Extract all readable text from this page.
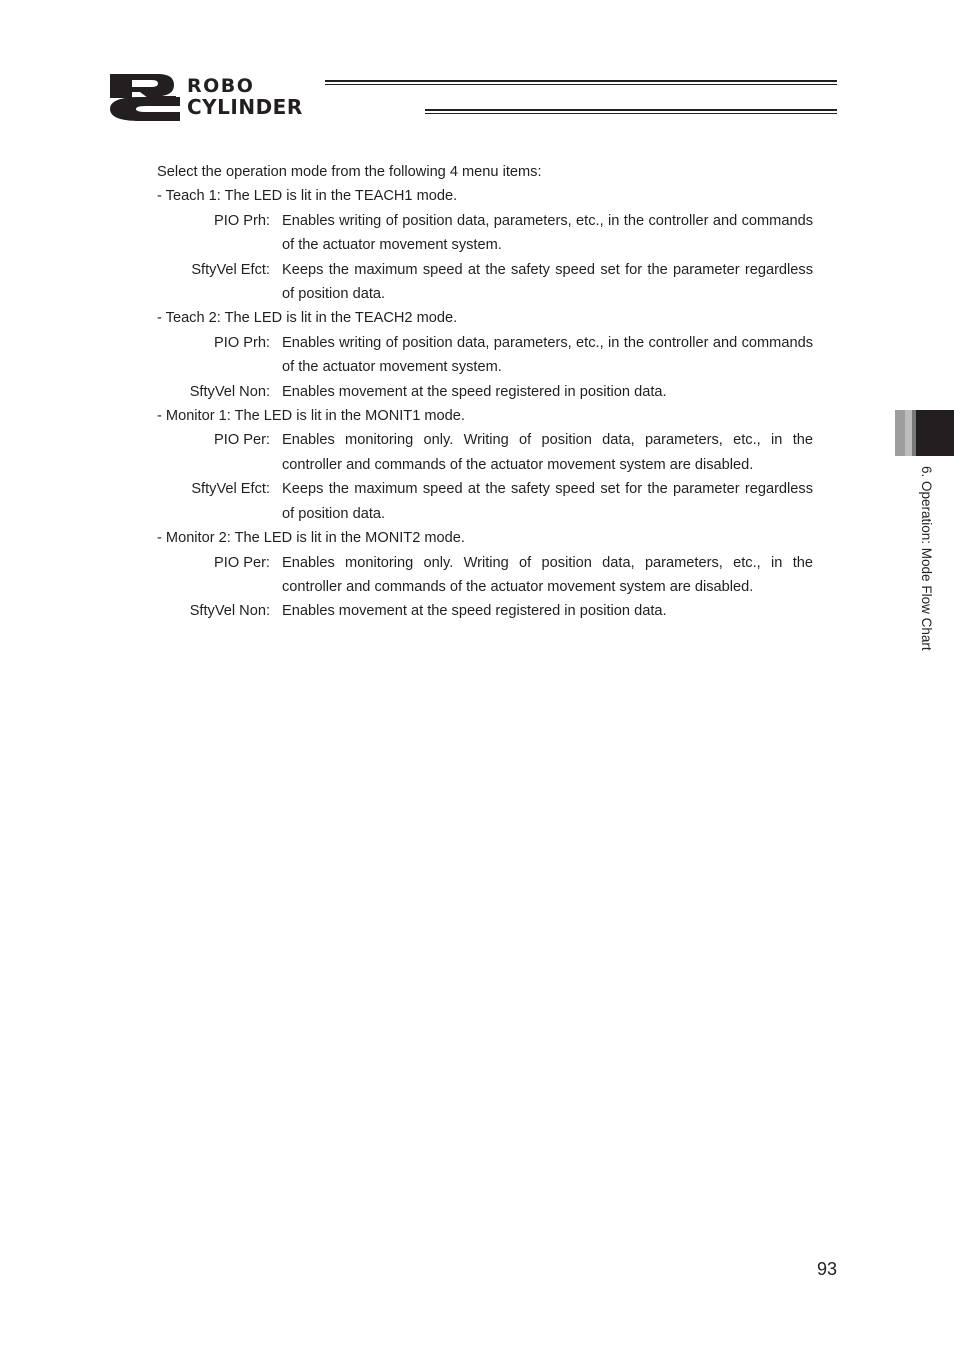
ROBO
CYLINDER
Select the operation mode from the following 4 menu items:
- Teach 1: The LED is lit in the TEACH1 mode.
PIO Prh: Enables writing of position data, parameters, etc., in the controller and commands of the actuator movement system.
SftyVel Efct: Keeps the maximum speed at the safety speed set for the parameter regardless of position data.
- Teach 2: The LED is lit in the TEACH2 mode.
PIO Prh: Enables writing of position data, parameters, etc., in the controller and commands of the actuator movement system.
SftyVel Non: Enables movement at the speed registered in position data.
- Monitor 1: The LED is lit in the MONIT1 mode.
PIO Per: Enables monitoring only. Writing of position data, parameters, etc., in the controller and commands of the actuator movement system are disabled.
SftyVel Efct: Keeps the maximum speed at the safety speed set for the parameter regardless of position data.
- Monitor 2: The LED is lit in the MONIT2 mode.
PIO Per: Enables monitoring only. Writing of position data, parameters, etc., in the controller and commands of the actuator movement system are disabled.
SftyVel Non: Enables movement at the speed registered in position data.	6. Operation: Mode Flow Chart
93
